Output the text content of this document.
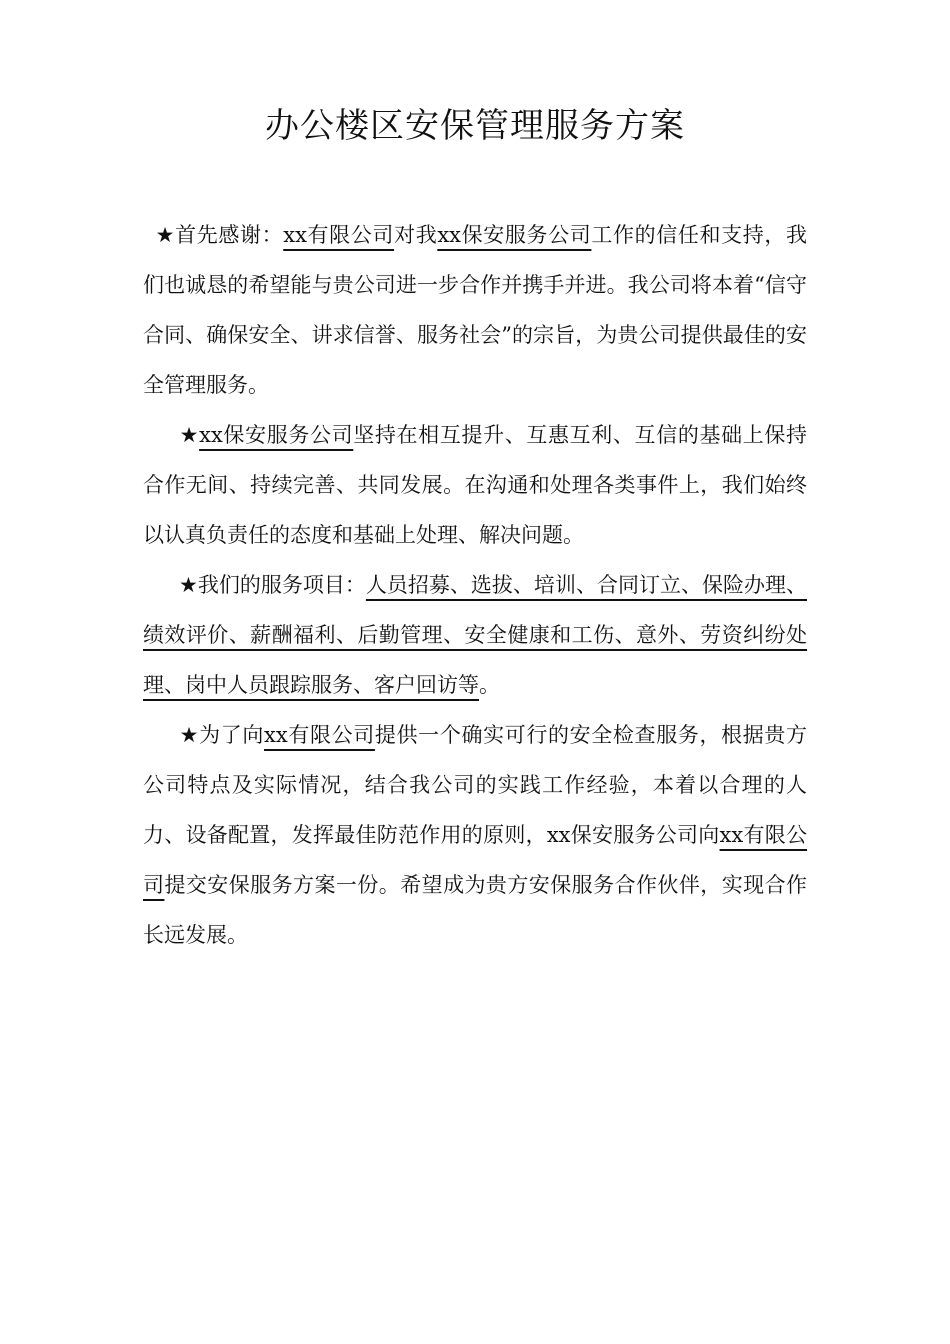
办公楼区安保管理服务方案

★首先感谢：xx有限公司对我xx保安服务公司工作的信任和支持，我们也诚恳的希望能与贵公司进一步合作并携手并进。我公司将本着“信守合同、确保安全、讲求信誉、服务社会”的宗旨，为贵公司提供最佳的安全管理服务。

★xx保安服务公司坚持在相互提升、互惠互利、互信的基础上保持合作无间、持续完善、共同发展。在沟通和处理各类事件上，我们始终以认真负责任的态度和基础上处理、解决问题。

★我们的服务项目：人员招募、选拔、培训、合同订立、保险办理、绩效评价、薪酬福利、后勤管理、安全健康和工伤、意外、劳资纠纷处理、岗中人员跟踪服务、客户回访等。

★为了向xx有限公司提供一个确实可行的安全检查服务，根据贵方公司特点及实际情况，结合我公司的实践工作经验，本着以合理的人力、设备配置，发挥最佳防范作用的原则，xx保安服务公司向xx有限公司提交安保服务方案一份。希望成为贵方安保服务合作伙伴，实现合作长远发展。
